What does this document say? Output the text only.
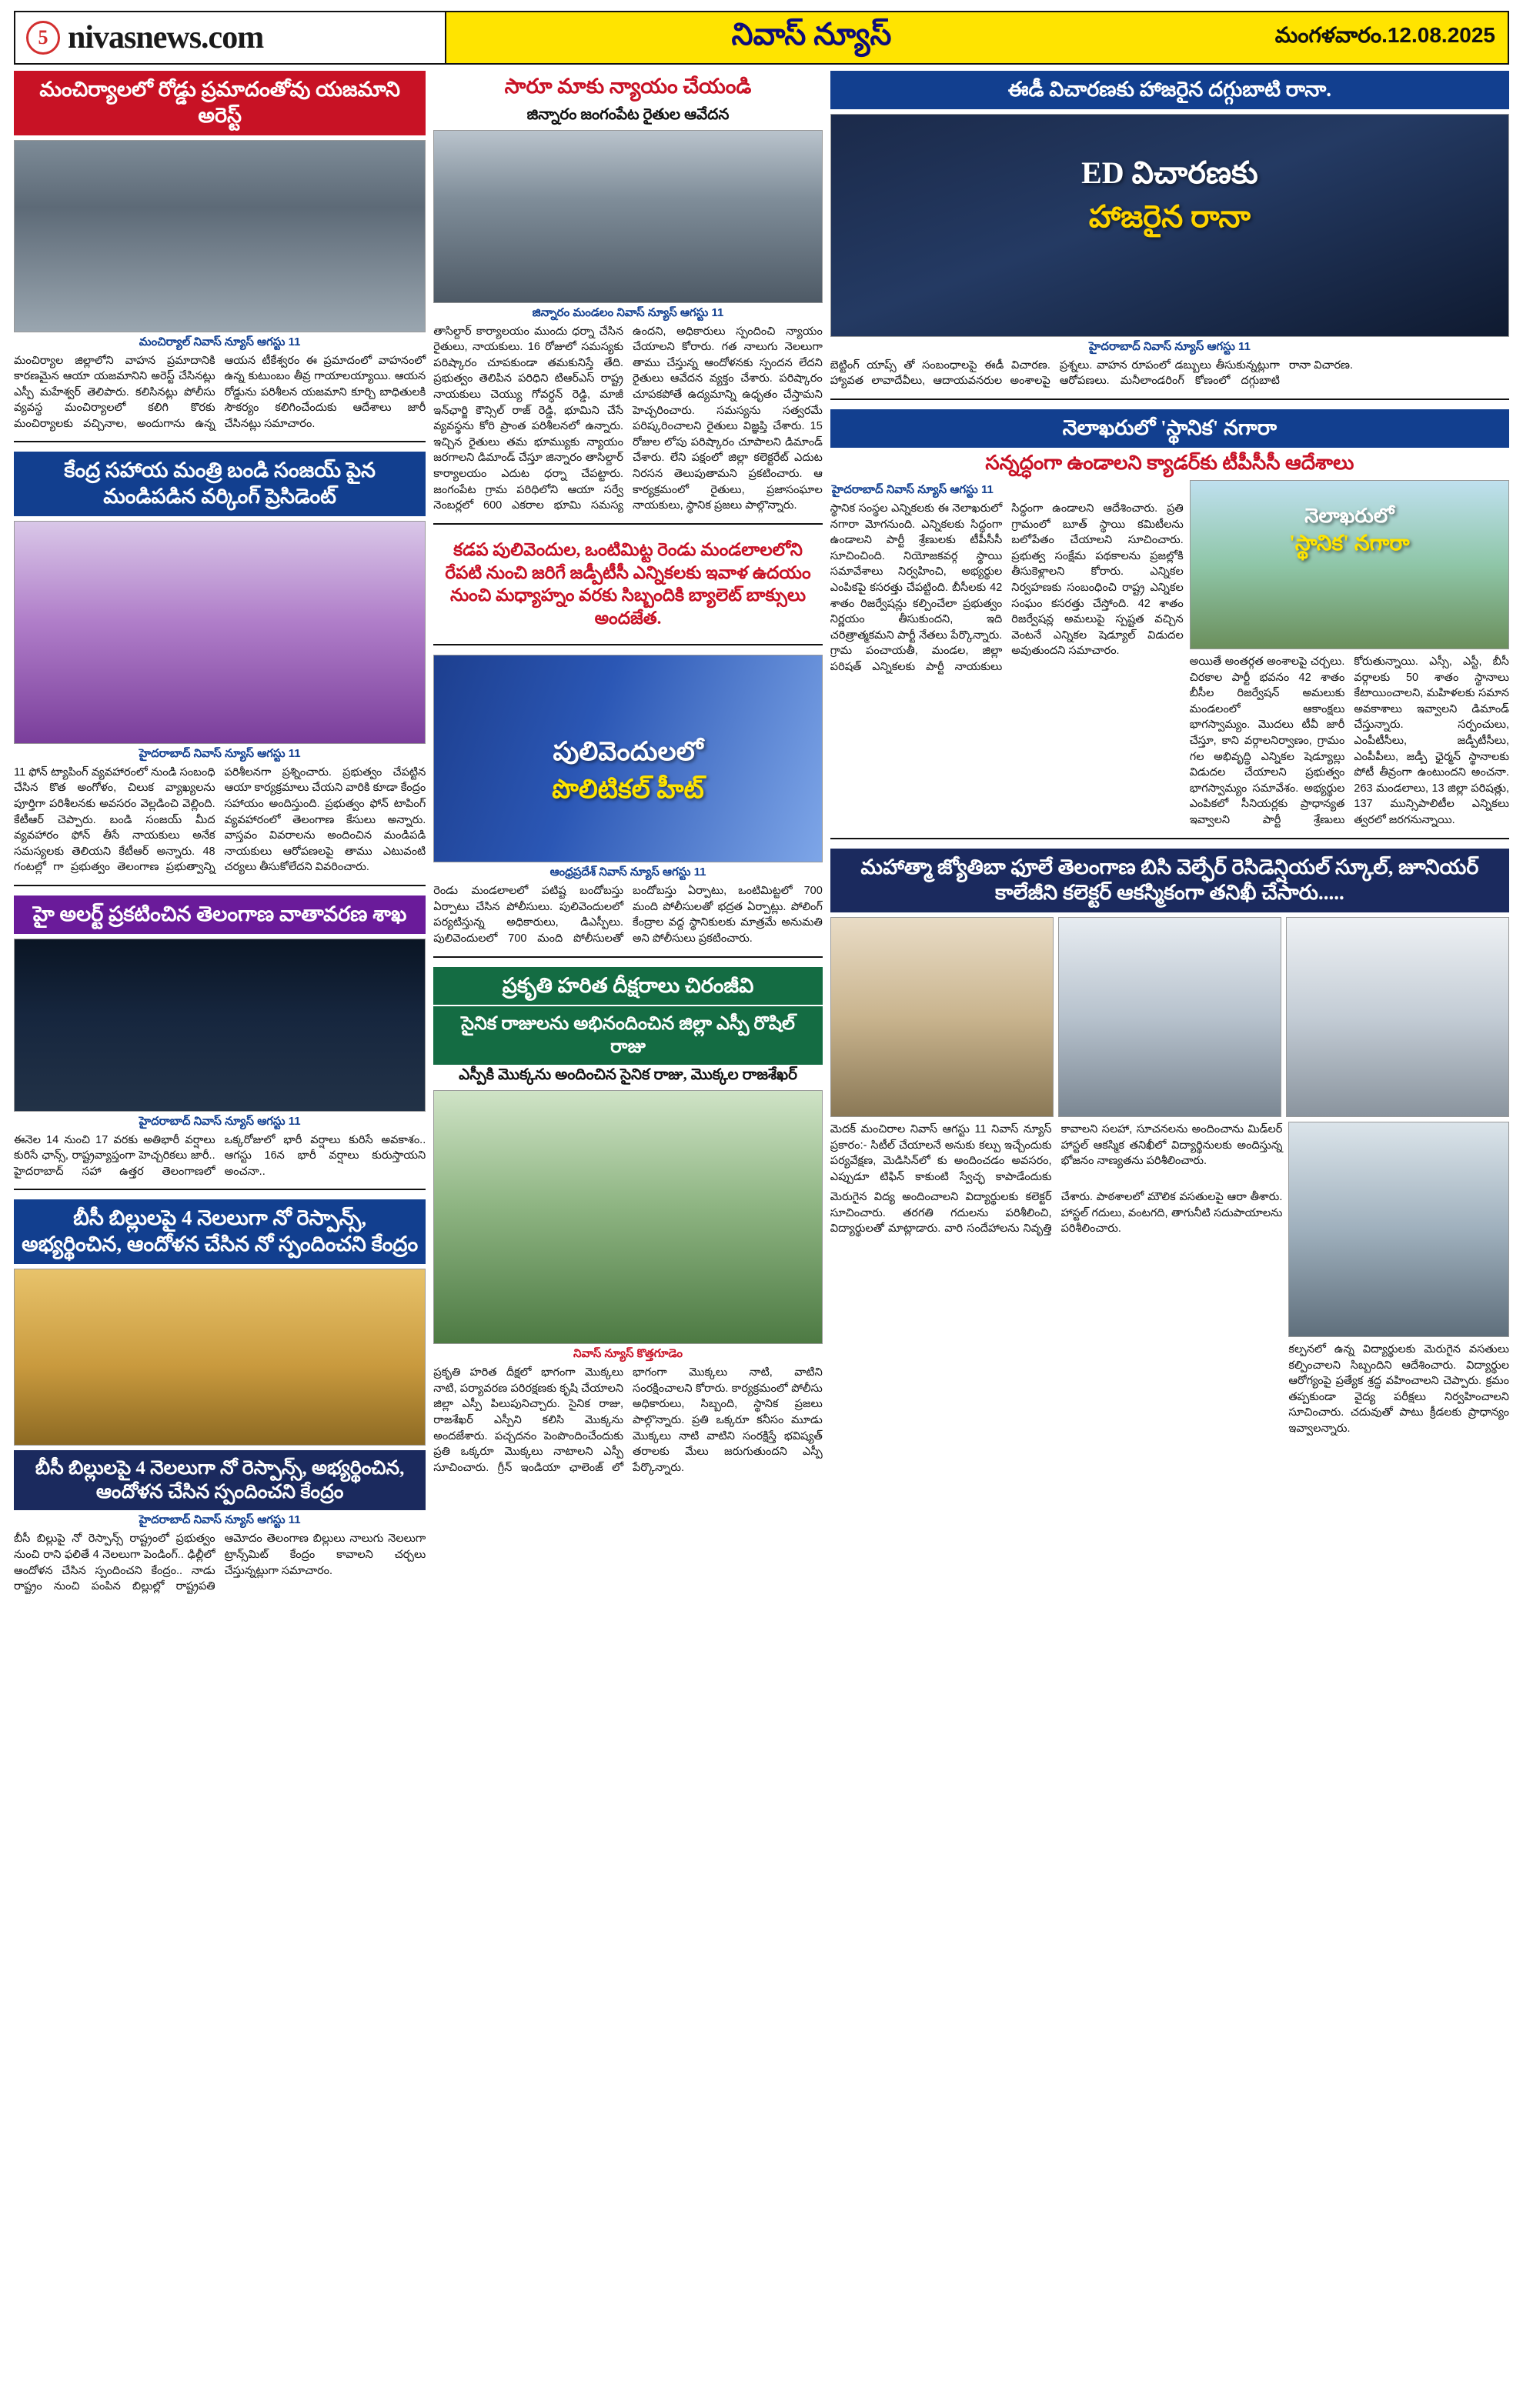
5 nivasnews.com	నివాస్ న్యూస్	మంగళవారం.12.08.2025
మంచిర్యాలలో రోడ్డు ప్రమాదంతోవు యజమాని అరెస్ట్
మంచిర్యాల్ నివాస్ న్యూస్ ఆగస్టు 11
మంచిర్యాల జిల్లాలోని వాహన ప్రమాదానికి కారణమైన ఆయా యజమానిని అరెస్ట్ చేసినట్లు ఎస్పీ మహేశ్వర్ తెలిపారు. కలిసినట్లు పోలీసు వ్యవస్థ మంచిర్యాలలో కలిగి కొరకు మంచిర్యాలకు వచ్చినాల, అందుగాను ఉన్న ఆయన టీకేశ్వరం ఈ ప్రమాదంలో వాహనంలో ఉన్న కుటుంబం తీవ్ర గాయాలయ్యాయి. ఆయన రోడ్డును పరిశీలన యజమాని కూర్చి బాధితులకి సౌకర్యం కలిగించేందుకు ఆదేశాలు జారీ చేసినట్లు సమాచారం.
కేంద్ర సహాయ మంత్రి బండి సంజయ్ పైన మండిపడిన వర్కింగ్ ప్రెసిడెంట్
హైదరాబాద్ నివాస్ న్యూస్ ఆగస్టు 11
11 ఫోన్ ట్యాపింగ్ వ్యవహారంలో నుండి సంబంధి చేసిన కొత అంగోళం, చిలుక వ్యాఖ్యలను పూర్తిగా పరిశీలనకు అవసరం వెల్లడించి వెల్లింది. కేటీఆర్ చెప్పారు. బండి సంజయ్ మీద వ్యవహారం ఫోన్ తీసే నాయకులు అనేక సమస్యలకు తెలియని కేటీఆర్ అన్నారు. 48 గంటల్లో గా ప్రభుత్వం తెలంగాణ ప్రభుత్వాన్ని పరిశీలనగా ప్రశ్నించారు. ప్రభుత్వం చేపట్టిన ఆయా కార్యక్రమాలు చేయని వారికి కూడా కేంద్రం సహాయం అందిస్తుంది. ప్రభుత్వం ఫోన్ టాపింగ్ వ్యవహారంలో తెలంగాణ కేసులు అన్నారు. వాస్తవం వివరాలను అందించిన మండిపడి నాయకులు ఆరోపణలపై తాము ఎటువంటి చర్యలు తీసుకోలేదని వివరించారు.
హై అలర్ట్ ప్రకటించిన తెలంగాణ వాతావరణ శాఖ
హైదరాబాద్ నివాస్ న్యూస్ ఆగస్టు 11
ఈనెల 14 నుంచి 17 వరకు అతిభారీ వర్షాలు కురిసే ఛాన్స్‌, రాష్ట్రవ్యాప్తంగా హెచ్చరికలు జారీ.. హైదరాబాద్ సహా ఉత్తర తెలంగాణలో ఒక్కరోజులో భారీ వర్షాలు కురిసే అవకాశం.. ఆగస్టు 16న భారీ వర్షాలు కురుస్తాయని అంచనా..
బీసీ బిల్లులపై 4 నెలలుగా నో రెస్పాన్స్, అభ్యర్థించిన, ఆందోళన చేసిన నో స్పందించని కేంద్రం
బీసీ బిల్లులపై 4 నెలలుగా నో రెస్పాన్స్, అభ్యర్థించిన, ఆందోళన చేసిన స్పందించని కేంద్రం
హైదరాబాద్ నివాస్ న్యూస్ ఆగస్టు 11
బీసీ బిల్లుపై నో రెస్పాన్స్ రాష్ట్రంలో ప్రభుత్వం నుంచి రాని ఫలితే 4 నెలలుగా పెండింగ్.. ఢిల్లీలో ఆందోళన చేసిన స్పందించని కేంద్రం.. నాడు రాష్ట్రం నుంచి పంపిన బిల్లుల్లో రాష్ట్రపతి ఆమోదం తెలంగాణ బిల్లులు నాలుగు నెలలుగా ట్రాన్స్‌మిట్ కేంద్రం కావాలని చర్చలు చేస్తున్నట్లుగా సమాచారం.
సారూ మాకు న్యాయం చేయండి
జిన్నారం జంగంపేట రైతుల ఆవేదన
జిన్నారం మండలం నివాస్ న్యూస్ ఆగస్టు 11
తాసిల్దార్ కార్యాలయం ముందు ధర్నా చేసిన రైతులు, నాయకులు. 16 రోజులో సమస్యకు పరిష్కారం చూపకుండా తమకునిస్తే తేది. ప్రభుత్వం తెలిపిన పరిధిని టిఆర్ఎస్ రాష్ట్ర నాయకులు చెయ్యు గోవర్ధన్ రెడ్డి, మాజీ ఇన్‌ఛార్జి కౌన్సిల్ రాజ్ రెడ్డి, భూమిని చేసే వ్యవస్థను కోరి ప్రాంత పరిశీలనలో ఉన్నారు. ఇచ్చిన రైతులు తమ భూమ్యుకు న్యాయం జరగాలని డిమాండ్ చేస్తూ జిన్నారం తాసిల్దార్ కార్యాలయం ఎదుట ధర్నా చేపట్టారు. జంగంపేట గ్రామ పరిధిలోని ఆయా సర్వే నెంబర్లలో 600 ఎకరాల భూమి సమస్య ఉందని, అధికారులు స్పందించి న్యాయం చేయాలని కోరారు. గత నాలుగు నెలలుగా తాము చేస్తున్న ఆందోళనకు స్పందన లేదని రైతులు ఆవేదన వ్యక్తం చేశారు. పరిష్కారం చూపకపోతే ఉద్యమాన్ని ఉధృతం చేస్తామని హెచ్చరించారు. సమస్యను సత్వరమే పరిష్కరించాలని రైతులు విజ్ఞప్తి చేశారు. 15 రోజుల లోపు పరిష్కారం చూపాలని డిమాండ్ చేశారు. లేని పక్షంలో జిల్లా కలెక్టరేట్ ఎదుట నిరసన తెలుపుతామని ప్రకటించారు. ఆ కార్యక్రమంలో రైతులు, ప్రజాసంఘాల నాయకులు, స్థానిక ప్రజలు పాల్గొన్నారు.
కడప పులివెందుల, ఒంటిమిట్ట రెండు మండలాలలోని రేపటి నుంచి జరిగే జడ్పీటీసీ ఎన్నికలకు ఇవాళ ఉదయం నుంచి మధ్యాహ్నం వరకు సిబ్బందికి బ్యాలెట్ బాక్సులు అందజేత.
పులివెందులలో
పొలిటికల్ హీట్
ఆంధ్రప్రదేశ్ నివాస్ న్యూస్ ఆగస్టు 11
రెండు మండలాలలో పటిష్ట బందోబస్తు ఏర్పాటు చేసిన పోలీసులు. పులివెందులలో పర్యటిస్తున్న అధికారులు, డిఎస్పీలు. పులివెందులలో 700 మంది పోలీసులతో బందోబస్తు ఏర్పాటు, ఒంటిమిట్టలో 700 మంది పోలీసులతో భద్రత ఏర్పాట్లు. పోలింగ్ కేంద్రాల వద్ద స్థానికులకు మాత్రమే అనుమతి అని పోలీసులు ప్రకటించారు.
ప్రకృతి హరిత దీక్షరాలు చిరంజీవి
సైనిక రాజులను అభినందించిన జిల్లా ఎస్పీ రొషిల్ రాజు
ఎస్పీకి మొక్కను అందించిన సైనిక రాజు, మొక్కల రాజశేఖర్
నివాస్ న్యూస్ కొత్తగూడెం
ప్రకృతి హరిత దీక్షలో భాగంగా మొక్కలు నాటి, పర్యావరణ పరిరక్షణకు కృషి చేయాలని జిల్లా ఎస్పీ పిలుపునిచ్చారు. సైనిక రాజు, రాజశేఖర్ ఎస్పీని కలిసి మొక్కను అందజేశారు. పచ్చదనం పెంపొందించేందుకు ప్రతి ఒక్కరూ మొక్కలు నాటాలని ఎస్పీ సూచించారు. గ్రీన్ ఇండియా ఛాలెంజ్ లో భాగంగా మొక్కలు నాటి, వాటిని సంరక్షించాలని కోరారు. కార్యక్రమంలో పోలీసు అధికారులు, సిబ్బంది, స్థానిక ప్రజలు పాల్గొన్నారు. ప్రతి ఒక్కరూ కనీసం మూడు మొక్కలు నాటి వాటిని సంరక్షిస్తే భవిష్యత్ తరాలకు మేలు జరుగుతుందని ఎస్పీ పేర్కొన్నారు.
ఈడీ విచారణకు హాజరైన దగ్గుబాటి రానా.
ED విచారణకు
హాజరైన రానా
హైదరాబాద్ నివాస్ న్యూస్ ఆగస్టు 11
బెట్టింగ్ యాప్స్ తో సంబంధాలపై ఈడీ విచారణ. హ్యావత లావాదేవీలు, ఆదాయవనరుల అంశాలపై ప్రశ్నలు. వాహన రూపంలో డబ్బులు తీసుకున్నట్లుగా ఆరోపణలు. మనీలాండరింగ్ కోణంలో దగ్గుబాటి రానా విచారణ.
నెలాఖరులో 'స్థానిక' నగారా
సన్నద్ధంగా ఉండాలని క్యాడర్‌కు టీపీసీసీ ఆదేశాలు
హైదరాబాద్ నివాస్ న్యూస్ ఆగస్టు 11
స్థానిక సంస్థల ఎన్నికలకు ఈ నెలాఖరులో నగారా మోగనుంది. ఎన్నికలకు సిద్ధంగా ఉండాలని పార్టీ శ్రేణులకు టీపీసీసీ సూచించింది. నియోజకవర్గ స్థాయి సమావేశాలు నిర్వహించి, అభ్యర్థుల ఎంపికపై కసరత్తు చేపట్టింది. బీసీలకు 42 శాతం రిజర్వేషన్లు కల్పించేలా ప్రభుత్వం నిర్ణయం తీసుకుందని, ఇది చరిత్రాత్మకమని పార్టీ నేతలు పేర్కొన్నారు. గ్రామ పంచాయతీ, మండల, జిల్లా పరిషత్ ఎన్నికలకు పార్టీ నాయకులు సిద్ధంగా ఉండాలని ఆదేశించారు. ప్రతి గ్రామంలో బూత్ స్థాయి కమిటీలను బలోపేతం చేయాలని సూచించారు. ప్రభుత్వ సంక్షేమ పథకాలను ప్రజల్లోకి తీసుకెళ్లాలని కోరారు. ఎన్నికల నిర్వహణకు సంబంధించి రాష్ట్ర ఎన్నికల సంఘం కసరత్తు చేస్తోంది. 42 శాతం రిజర్వేషన్ల అమలుపై స్పష్టత వచ్చిన వెంటనే ఎన్నికల షెడ్యూల్ విడుదల అవుతుందని సమాచారం.
నెలాఖరులో
'స్థానిక' నగారా
అయితే అంతర్గత అంశాలపై చర్చలు. చిరకాల పార్టీ భవనం 42 శాతం బీసీల రిజర్వేషన్ అమలుకు మండలంలో ఆకాంక్షలు భాగస్వామ్యం. మొదలు టీవీ జారీ చేస్తూ, కాని వర్గాలనిర్వాణం, గ్రామం గల అభివృద్ధి ఎన్నికల షెడ్యూల్లు విడుదల చేయాలని ప్రభుత్వం భాగస్వామ్యం సమావేశం. అభ్యర్థుల ఎంపికలో సీనియర్లకు ప్రాధాన్యత ఇవ్వాలని పార్టీ శ్రేణులు కోరుతున్నాయి. ఎస్సీ, ఎస్టీ, బీసీ వర్గాలకు 50 శాతం స్థానాలు కేటాయించాలని, మహిళలకు సమాన అవకాశాలు ఇవ్వాలని డిమాండ్ చేస్తున్నారు. సర్పంచులు, ఎంపీటీసీలు, జడ్పీటీసీలు, ఎంపీపీలు, జడ్పీ ఛైర్మన్ స్థానాలకు పోటీ తీవ్రంగా ఉంటుందని అంచనా. 263 మండలాలు, 13 జిల్లా పరిషత్లు, 137 మున్సిపాలిటీల ఎన్నికలు త్వరలో జరగనున్నాయి.
మహాత్మా జ్యోతిబా ఫూలే తెలంగాణ బిసి వెల్ఫేర్ రెసిడెన్షియల్ స్కూల్, జూనియర్ కాలేజీని కలెక్టర్ ఆకస్మికంగా తనిఖీ చేసారు.....
మెదక్ మంచిరాల నివాస్ ఆగస్టు 11 నివాస్ న్యూస్ ప్రకారం:- సిటీల్ చేయాలనే అనుకు కల్పు ఇచ్చేందుకు పర్యవేక్షణ, మెడిసిన్‌లో కు అందించడం అవసరం, ఎప్పుడూ టిఫిన్ కాకుంటి స్వేచ్ఛ కాపాడేందుకు కావాలని సలహా, సూచనలను అందించాను మిడ్‌లర్ హాస్టల్ ఆకస్మిక తనిఖీలో విద్యార్థినులకు అందిస్తున్న భోజనం నాణ్యతను పరిశీలించారు.
మెరుగైన విద్య అందించాలని విద్యార్థులకు కలెక్టర్ సూచించారు. తరగతి గదులను పరిశీలించి, విద్యార్థులతో మాట్లాడారు. వారి సందేహాలను నివృత్తి చేశారు. పాఠశాలలో మౌలిక వసతులపై ఆరా తీశారు. హాస్టల్ గదులు, వంటగది, తాగునీటి సదుపాయాలను పరిశీలించారు.
కల్పనలో ఉన్న విద్యార్థులకు మెరుగైన వసతులు కల్పించాలని సిబ్బందిని ఆదేశించారు. విద్యార్థుల ఆరోగ్యంపై ప్రత్యేక శ్రద్ధ వహించాలని చెప్పారు. క్రమం తప్పకుండా వైద్య పరీక్షలు నిర్వహించాలని సూచించారు. చదువుతో పాటు క్రీడలకు ప్రాధాన్యం ఇవ్వాలన్నారు.
